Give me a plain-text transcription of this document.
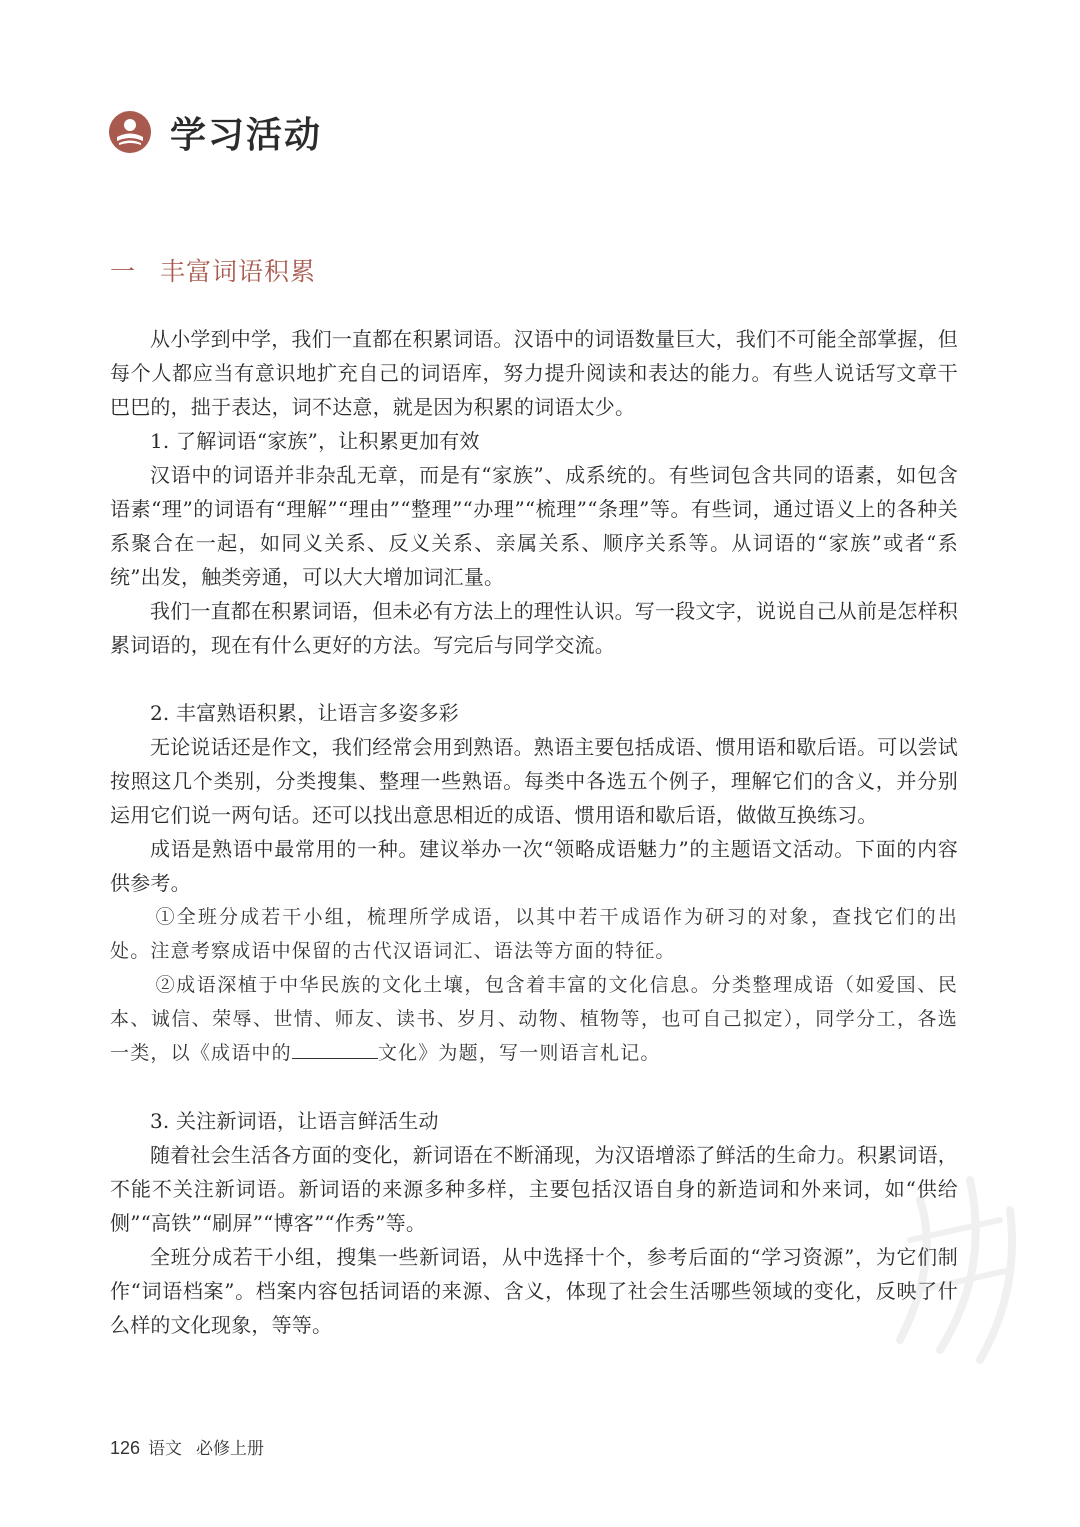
学习活动
一 丰富词语积累

从小学到中学，我们一直都在积累词语。汉语中的词语数量巨大，我们不可能全部掌握，但每个人都应当有意识地扩充自己的词语库，努力提升阅读和表达的能力。有些人说话写文章干巴巴的，拙于表达，词不达意，就是因为积累的词语太少。

1. 了解词语“家族”，让积累更加有效

汉语中的词语并非杂乱无章，而是有“家族”、成系统的。有些词包含共同的语素，如包含语素“理”的词语有“理解”“理由”“整理”“办理”“梳理”“条理”等。有些词，通过语义上的各种关系聚合在一起，如同义关系、反义关系、亲属关系、顺序关系等。从词语的“家族”或者“系统”出发，触类旁通，可以大大增加词汇量。

我们一直都在积累词语，但未必有方法上的理性认识。写一段文字，说说自己从前是怎样积累词语的，现在有什么更好的方法。写完后与同学交流。

2. 丰富熟语积累，让语言多姿多彩

无论说话还是作文，我们经常会用到熟语。熟语主要包括成语、惯用语和歇后语。可以尝试按照这几个类别，分类搜集、整理一些熟语。每类中各选五个例子，理解它们的含义，并分别运用它们说一两句话。还可以找出意思相近的成语、惯用语和歇后语，做做互换练习。

成语是熟语中最常用的一种。建议举办一次“领略成语魅力”的主题语文活动。下面的内容供参考。

①全班分成若干小组，梳理所学成语，以其中若干成语作为研习的对象，查找它们的出处。注意考察成语中保留的古代汉语词汇、语法等方面的特征。

②成语深植于中华民族的文化土壤，包含着丰富的文化信息。分类整理成语（如爱国、民本、诚信、荣辱、世情、师友、读书、岁月、动物、植物等，也可自己拟定），同学分工，各选一类，以《成语中的	文化》为题，写一则语言札记。

3. 关注新词语，让语言鲜活生动

随着社会生活各方面的变化，新词语在不断涌现，为汉语增添了鲜活的生命力。积累词语，不能不关注新词语。新词语的来源多种多样，主要包括汉语自身的新造词和外来词，如“供给侧”“高铁”“刷屏”“博客”“作秀”等。

全班分成若干小组，搜集一些新词语，从中选择十个，参考后面的“学习资源”，为它们制作“词语档案”。档案内容包括词语的来源、含义，体现了社会生活哪些领域的变化，反映了什么样的文化现象，等等。

126 语文 必修上册
